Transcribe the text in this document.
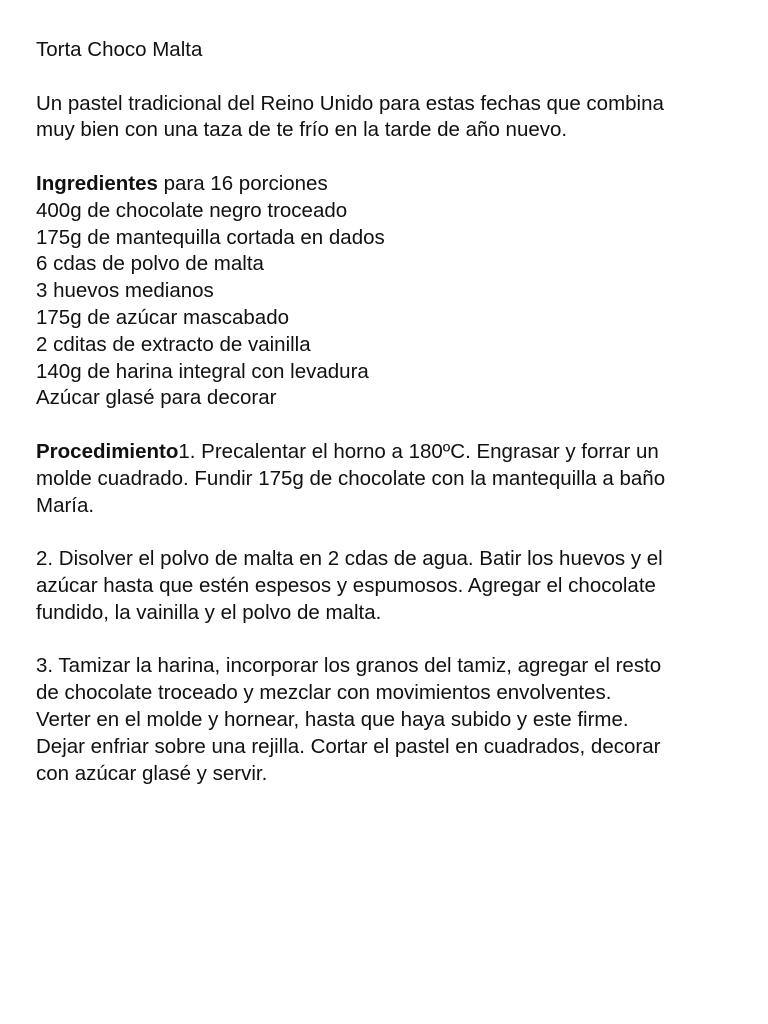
Torta Choco Malta

Un pastel tradicional del Reino Unido para estas fechas que combina
muy bien con una taza de te frío en la tarde de año nuevo.

Ingredientes para 16 porciones
400g de chocolate negro troceado
175g de mantequilla cortada en dados
6 cdas de polvo de malta
3 huevos medianos
175g de azúcar mascabado
2 cditas de extracto de vainilla
140g de harina integral con levadura
Azúcar glasé para decorar

Procedimiento1. Precalentar el horno a 180ºC. Engrasar y forrar un
molde cuadrado. Fundir 175g de chocolate con la mantequilla a baño
María.

2. Disolver el polvo de malta en 2 cdas de agua. Batir los huevos y el
azúcar hasta que estén espesos y espumosos. Agregar el chocolate
fundido, la vainilla y el polvo de malta.

3. Tamizar la harina, incorporar los granos del tamiz, agregar el resto
de chocolate troceado y mezclar con movimientos envolventes.
Verter en el molde y hornear, hasta que haya subido y este firme.
Dejar enfriar sobre una rejilla. Cortar el pastel en cuadrados, decorar
con azúcar glasé y servir.
